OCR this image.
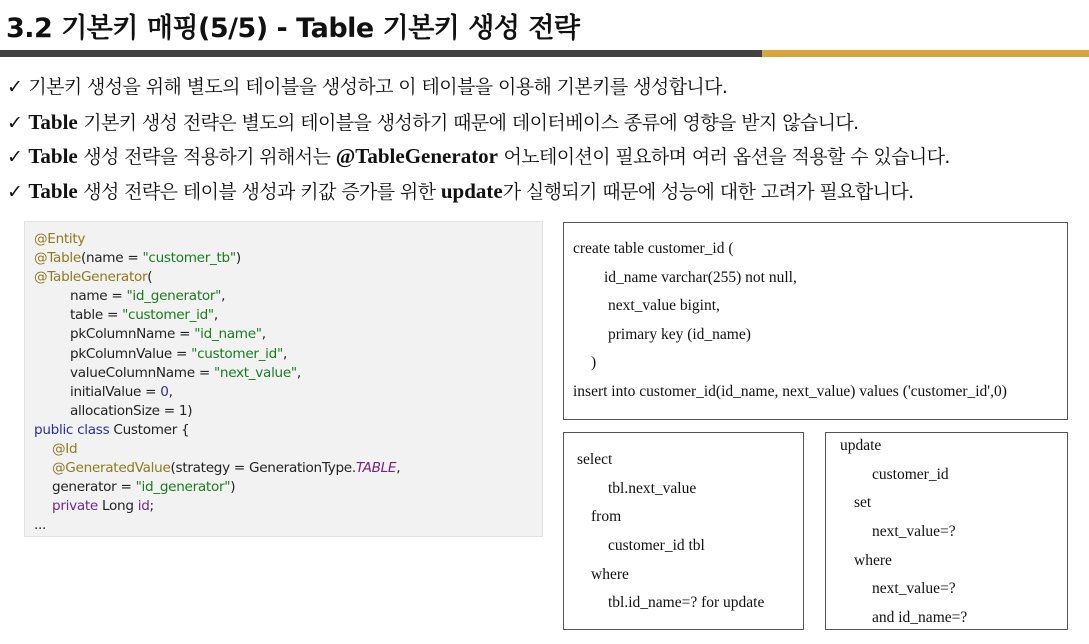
3.2 기본키 매핑(5/5) - Table 기본키 생성 전략
✓ 기본키 생성을 위해 별도의 테이블을 생성하고 이 테이블을 이용해 기본키를 생성합니다.
✓ Table 기본키 생성 전략은 별도의 테이블을 생성하기 때문에 데이터베이스 종류에 영향을 받지 않습니다.
✓ Table 생성 전략을 적용하기 위해서는 @TableGenerator 어노테이션이 필요하며 여러 옵션을 적용할 수 있습니다.
✓ Table 생성 전략은 테이블 생성과 키값 증가를 위한 update가 실행되기 때문에 성능에 대한 고려가 필요합니다.
@Entity
@Table(name = "customer_tb")
@TableGenerator(
name = "id_generator",
table = "customer_id",
pkColumnName = "id_name",
pkColumnValue = "customer_id",
valueColumnName = "next_value",
initialValue = 0,
allocationSize = 1)
public class Customer {
@Id
@GeneratedValue(strategy = GenerationType.TABLE,
generator = "id_generator")
private Long id;
...
create table customer_id (
id_name varchar(255) not null,
next_value bigint,
primary key (id_name)
)
insert into customer_id(id_name, next_value) values ('customer_id',0)
select
tbl.next_value
from
customer_id tbl
where
tbl.id_name=? for update
update
customer_id
set
next_value=?
where
next_value=?
and id_name=?
